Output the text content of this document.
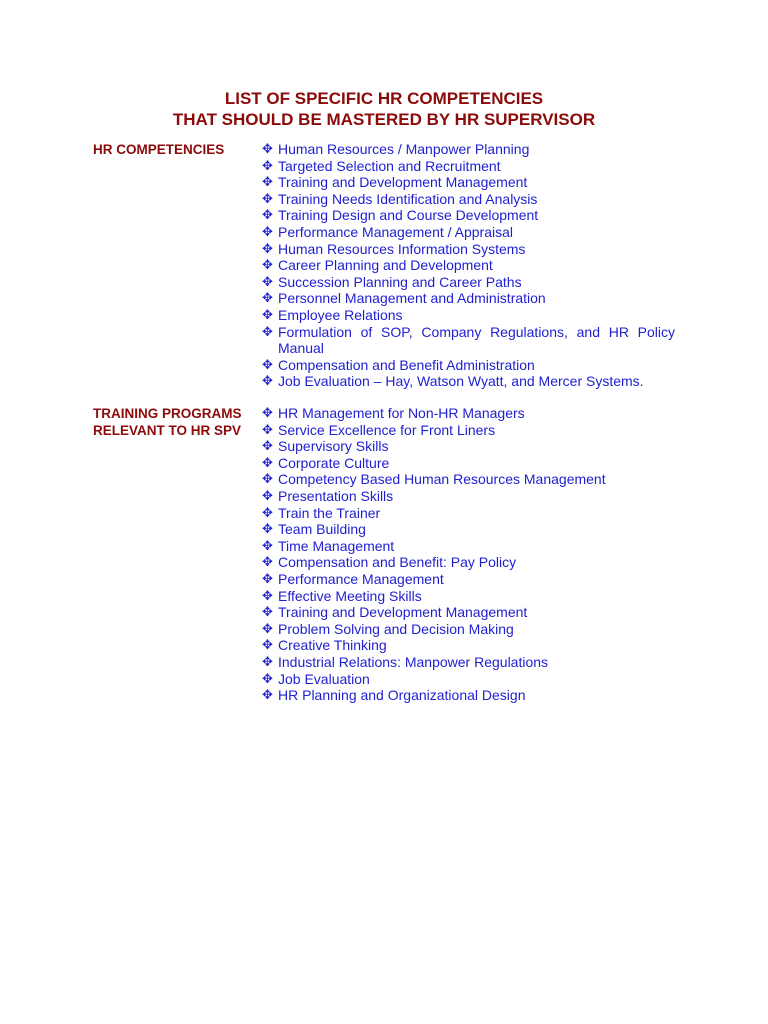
LIST OF SPECIFIC HR COMPETENCIES
THAT SHOULD BE MASTERED BY HR SUPERVISOR
HR COMPETENCIES	✥ Human Resources / Manpower Planning
✥ Targeted Selection and Recruitment
✥ Training and Development Management
✥ Training Needs Identification and Analysis
✥ Training Design and Course Development
✥ Performance Management / Appraisal
✥ Human Resources Information Systems
✥ Career Planning and Development
✥ Succession Planning and Career Paths
✥ Personnel Management and Administration
✥ Employee Relations
✥ Formulation of SOP, Company Regulations, and HR Policy Manual
✥ Compensation and Benefit Administration
✥ Job Evaluation – Hay, Watson Wyatt, and Mercer Systems.
TRAINING PROGRAMS
RELEVANT TO HR SPV
✥ HR Management for Non-HR Managers
✥ Service Excellence for Front Liners
✥ Supervisory Skills
✥ Corporate Culture
✥ Competency Based Human Resources Management
✥ Presentation Skills
✥ Train the Trainer
✥ Team Building
✥ Time Management
✥ Compensation and Benefit: Pay Policy
✥ Performance Management
✥ Effective Meeting Skills
✥ Training and Development Management
✥ Problem Solving and Decision Making
✥ Creative Thinking
✥ Industrial Relations: Manpower Regulations
✥ Job Evaluation
✥ HR Planning and Organizational Design
